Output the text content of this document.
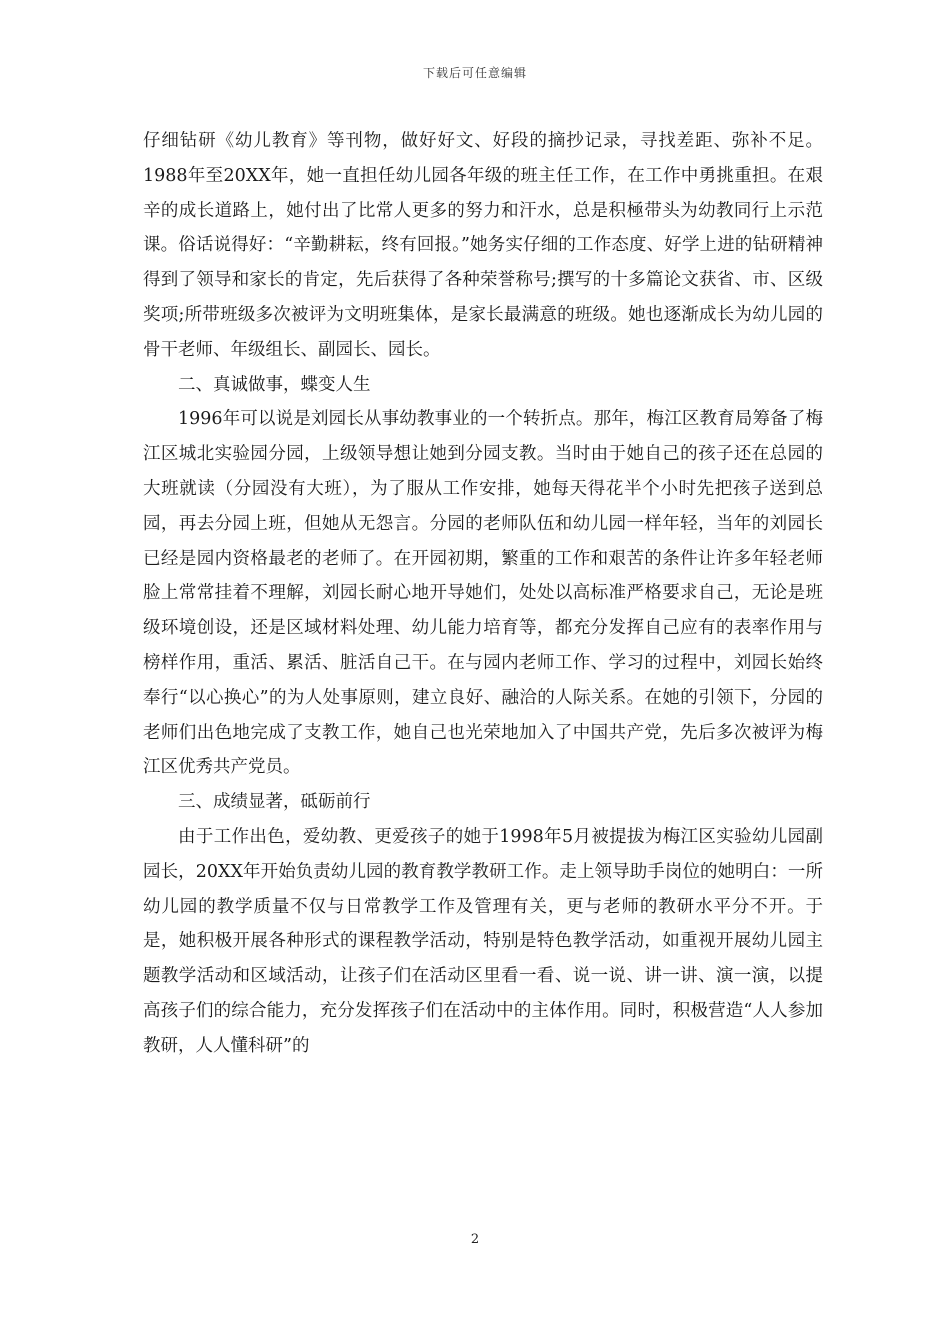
下载后可任意编辑

仔细钻研《幼儿教育》等刊物，做好好文、好段的摘抄记录，寻找差距、弥补不足。1988年至20XX年，她一直担任幼儿园各年级的班主任工作，在工作中勇挑重担。在艰辛的成长道路上，她付出了比常人更多的努力和汗水，总是积極带头为幼教同行上示范课。俗话说得好：“辛勤耕耘，终有回报。”她务实仔细的工作态度、好学上进的钻研精神得到了领导和家长的肯定，先后获得了各种荣誉称号;撰写的十多篇论文获省、市、区级奖项;所带班级多次被评为文明班集体，是家长最满意的班级。她也逐渐成长为幼儿园的骨干老师、年级组长、副园长、园长。

二、真诚做事，蝶变人生

1996年可以说是刘园长从事幼教事业的一个转折点。那年，梅江区教育局筹备了梅江区城北实验园分园，上级领导想让她到分园支教。当时由于她自己的孩子还在总园的大班就读（分园没有大班），为了服从工作安排，她每天得花半个小时先把孩子送到总园，再去分园上班，但她从无怨言。分园的老师队伍和幼儿园一样年轻，当年的刘园长已经是园内资格最老的老师了。在开园初期，繁重的工作和艰苦的条件让许多年轻老师脸上常常挂着不理解，刘园长耐心地开导她们，处处以高标准严格要求自己，无论是班级环境创设，还是区域材料处理、幼儿能力培育等，都充分发挥自己应有的表率作用与榜样作用，重活、累活、脏活自己干。在与园内老师工作、学习的过程中，刘园长始终奉行“以心换心”的为人处事原则，建立良好、融洽的人际关系。在她的引领下，分园的老师们出色地完成了支教工作，她自己也光荣地加入了中国共产党，先后多次被评为梅江区优秀共产党员。

三、成绩显著，砥砺前行

由于工作出色，爱幼教、更爱孩子的她于1998年5月被提拔为梅江区实验幼儿园副园长，20XX年开始负责幼儿园的教育教学教研工作。走上领导助手岗位的她明白：一所幼儿园的教学质量不仅与日常教学工作及管理有关，更与老师的教研水平分不开。于是，她积极开展各种形式的课程教学活动，特别是特色教学活动，如重视开展幼儿园主题教学活动和区域活动，让孩子们在活动区里看一看、说一说、讲一讲、演一演，以提高孩子们的综合能力，充分发挥孩子们在活动中的主体作用。同时，积极营造“人人参加教研，人人懂科研”的

2
